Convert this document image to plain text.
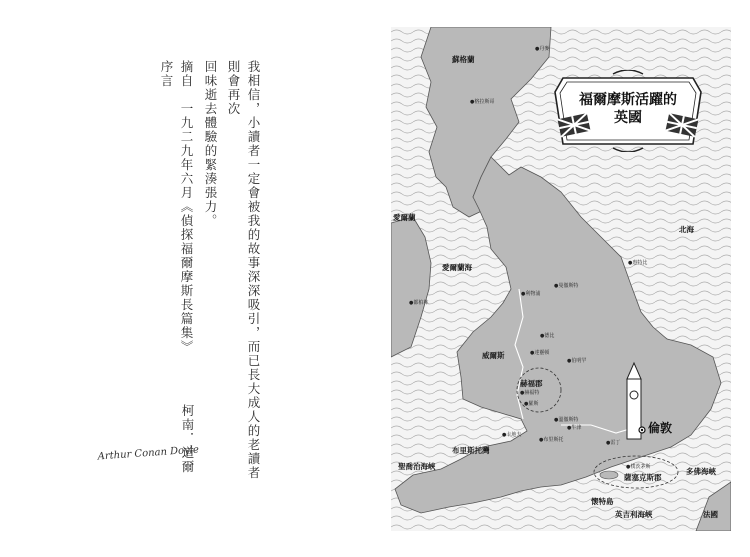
我相信，小讀者一定會被我的故事深深吸引，而已長大成人的老讀者則會再次
回味逝去體驗的緊湊張力。
摘自　一九二九年六月《偵探福爾摩斯長篇集》序言
柯南．道爾
Arthur Conan Doyle
蘇格蘭
愛爾蘭
愛爾蘭海
北海
威爾斯
赫福郡
布里斯托灣
聖喬治海峽
薩塞克斯郡
多佛海峽
懷特島
英吉利海峽	法國
●丹麥
●格拉斯哥
●惠特比
●曼徹斯特
●利物浦
●都柏林
●德比
●達靈頓
●伯明罕
●赫福特
●羅斯
●溫徹斯特
●牛津
●卡地夫
●布里斯托	●雷丁
●樸茨茅斯
倫敦
福爾摩斯活躍的
英國
